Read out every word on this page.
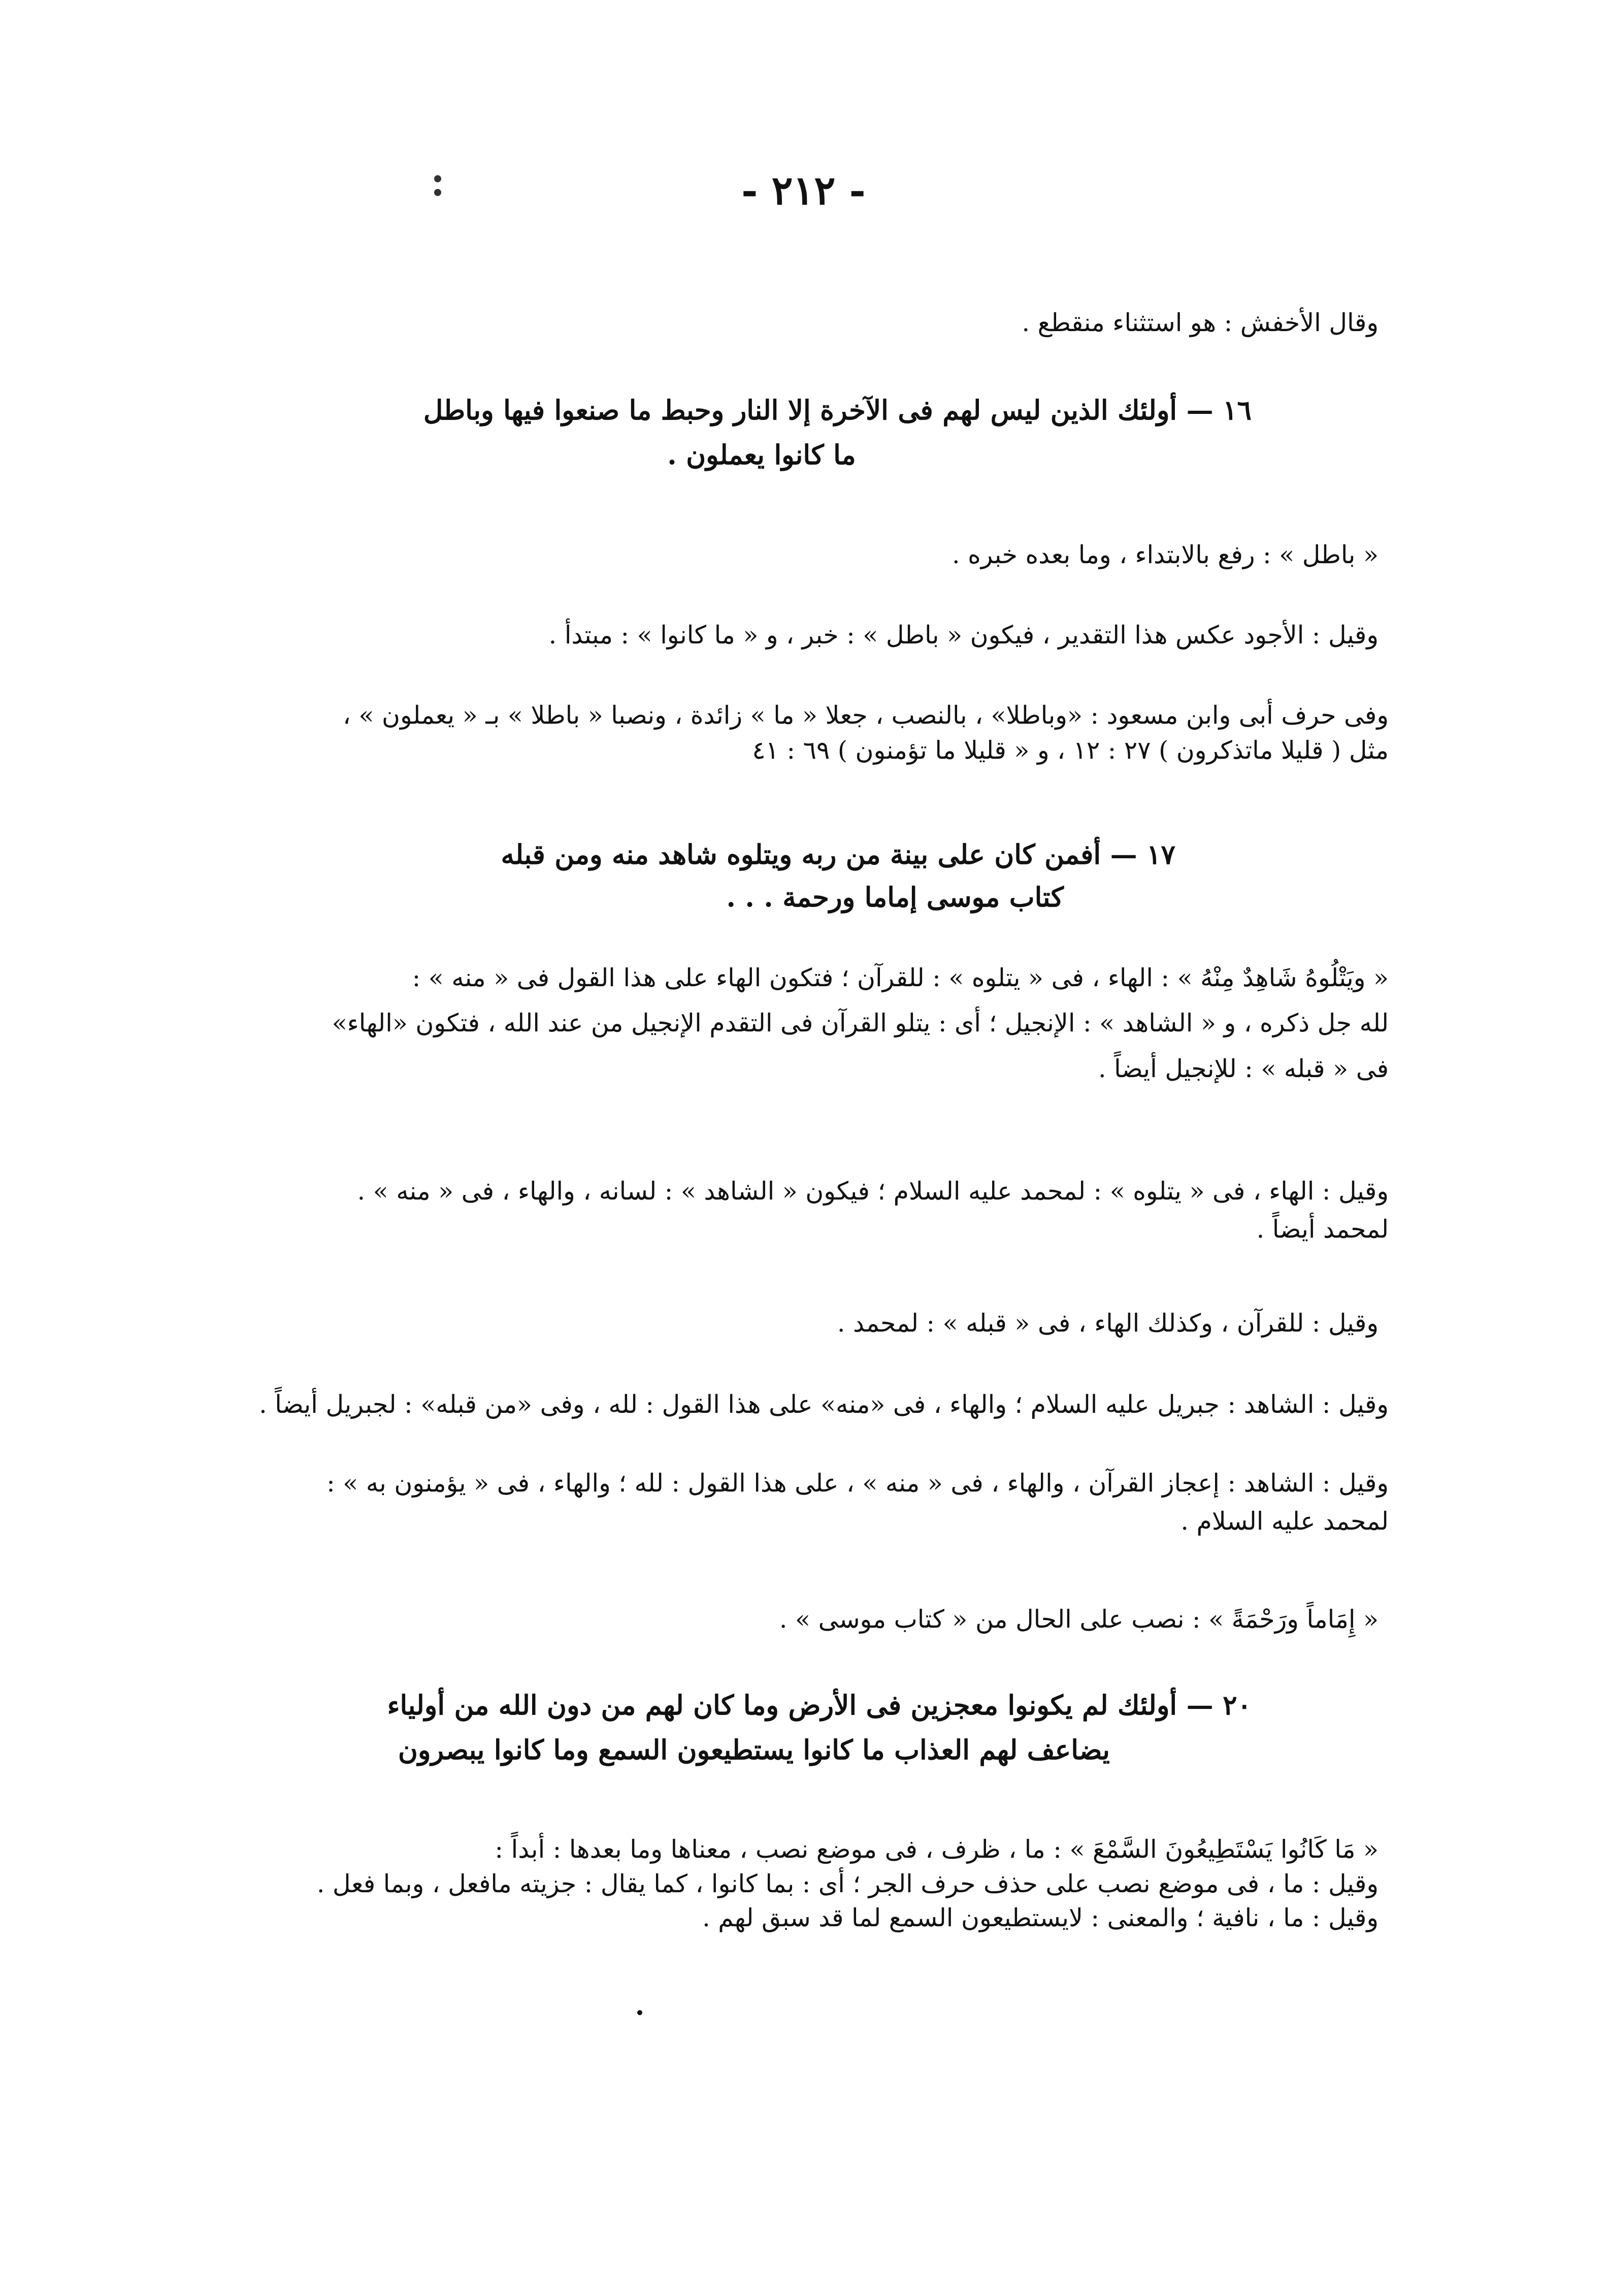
- ٢١٢ -
وقال الأخفش : هو استثناء منقطع .
١٦ — أولئك الذين ليس لهم فى الآخرة إلا النار وحبط ما صنعوا فيها وباطل
ما كانوا يعملون .
« باطل » : رفع بالابتداء ، وما بعده خبره .
وقيل : الأجود عكس هذا التقدير ، فيكون « باطل » : خبر ، و « ما كانوا » : مبتدأ .
وفى حرف أبى وابن مسعود : «وباطلا» ، بالنصب ، جعلا « ما » زائدة ، ونصبا « باطلا » بـ « يعملون » ،
مثل ( قليلا ماتذكرون ) ٢٧ : ١٢ ، و « قليلا ما تؤمنون ) ٦٩ : ٤١
١٧ — أفمن كان على بينة من ربه ويتلوه شاهد منه ومن قبله
كتاب موسى إماما ورحمة . . .
« ويَتْلُوهُ شَاهِدٌ مِنْهُ » : الهاء ، فى « يتلوه » : للقرآن ؛ فتكون الهاء على هذا القول فى « منه » :
لله جل ذكره ، و « الشاهد » : الإنجيل ؛ أى : يتلو القرآن فى التقدم الإنجيل من عند الله ، فتكون «الهاء»
فى « قبله » : للإنجيل أيضاً .
وقيل : الهاء ، فى « يتلوه » : لمحمد عليه السلام ؛ فيكون « الشاهد » : لسانه ، والهاء ، فى « منه » .
لمحمد أيضاً .
وقيل : للقرآن ، وكذلك الهاء ، فى « قبله » : لمحمد .
وقيل : الشاهد : جبريل عليه السلام ؛ والهاء ، فى «منه» على هذا القول : لله ، وفى «من قبله» : لجبريل أيضاً .
وقيل : الشاهد : إعجاز القرآن ، والهاء ، فى « منه » ، على هذا القول : لله ؛ والهاء ، فى « يؤمنون به » :
لمحمد عليه السلام .
« إِمَاماً ورَحْمَةً » : نصب على الحال من « كتاب موسى » .
٢٠ — أولئك لم يكونوا معجزين فى الأرض وما كان لهم من دون الله من أولياء
يضاعف لهم العذاب ما كانوا يستطيعون السمع وما كانوا يبصرون
« مَا كَانُوا يَسْتَطِيعُونَ السَّمْعَ » : ما ، ظرف ، فى موضع نصب ، معناها وما بعدها : أبداً :
وقيل : ما ، فى موضع نصب على حذف حرف الجر ؛ أى : بما كانوا ، كما يقال : جزيته مافعل ، وبما فعل .
وقيل : ما ، نافية ؛ والمعنى : لايستطيعون السمع لما قد سبق لهم .
